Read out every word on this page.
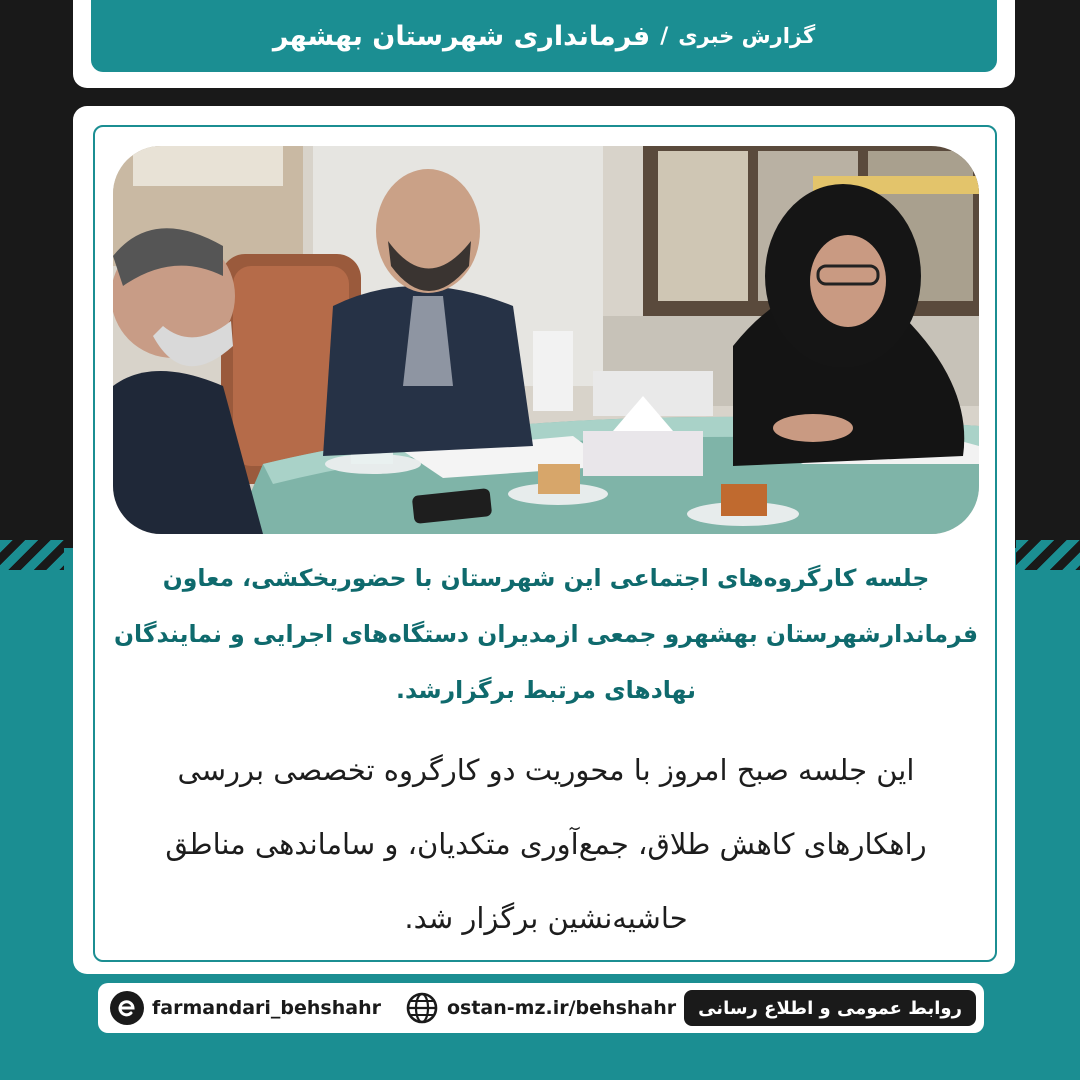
گزارش خبری
/
فرمانداری شهرستان بهشهر
جلسه کارگروه‌های اجتماعی این شهرستان با حضوریخکشی، معاون فرماندارشهرستان بهشهرو جمعی ازمدیران دستگاه‌های اجرایی و نمایندگان نهادهای مرتبط برگزارشد.
این جلسه صبح امروز با محوریت دو کارگروه تخصصی بررسی راهکارهای کاهش طلاق، جمع‌آوری متکدیان، و ساماندهی مناطق حاشیه‌نشین برگزار شد.
farmandari_behshahr	ostan-mz.ir/behshahr	روابط عمومی و اطلاع رسانی
